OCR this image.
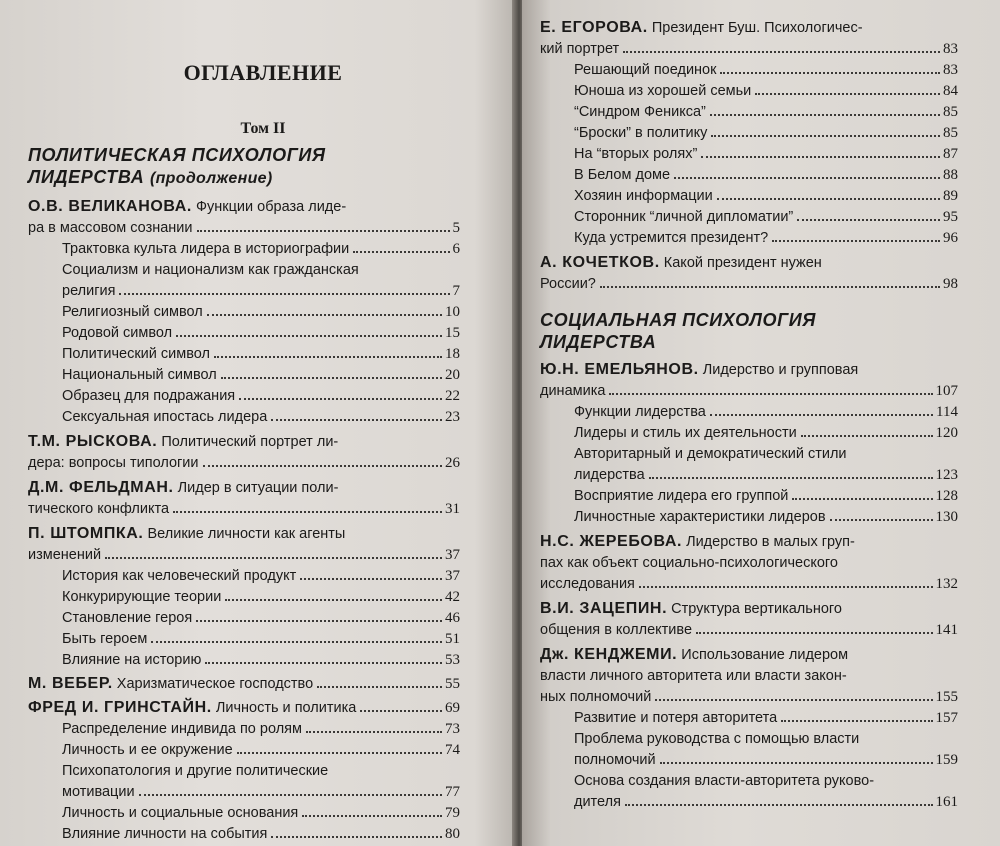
ОГЛАВЛЕНИЕ
Том II
ПОЛИТИЧЕСКАЯ ПСИХОЛОГИЯ
ЛИДЕРСТВА (продолжение)
О.В. ВЕЛИКАНОВА. Функции образа лиде-
ра в массовом сознании	5
Трактовка культа лидера в историографии	6
Социализм и национализм как гражданская
религия	7
Религиозный символ	10
Родовой символ	15
Политический символ	18
Национальный символ	20
Образец для подражания	22
Сексуальная ипостась лидера	23
Т.М. РЫСКОВА. Политический портрет ли-
дера: вопросы типологии	26
Д.М. ФЕЛЬДМАН. Лидер в ситуации поли-
тического конфликта	31
П. ШТОМПКА. Великие личности как агенты
изменений	37
История как человеческий продукт	37
Конкурирующие теории	42
Становление героя	46
Быть героем	51
Влияние на историю	53
М. ВЕБЕР. Харизматическое господство	55
ФРЕД И. ГРИНСТАЙН. Личность и политика	69
Распределение индивида по ролям	73
Личность и ее окружение	74
Психопатология и другие политические
мотивации	77
Личность и социальные основания	79
Влияние личности на события	80
Е. ЕГОРОВА. Президент Буш. Психологичес-
кий портрет	83
Решающий поединок	83
Юноша из хорошей семьи	84
“Синдром Феникса”	85
“Броски” в политику	85
На “вторых ролях”	87
В Белом доме	88
Хозяин информации	89
Сторонник “личной дипломатии”	95
Куда устремится президент?	96
А. КОЧЕТКОВ. Какой президент нужен
России?	98
СОЦИАЛЬНАЯ ПСИХОЛОГИЯ
ЛИДЕРСТВА
Ю.Н. ЕМЕЛЬЯНОВ. Лидерство и групповая
динамика	107
Функции лидерства	114
Лидеры и стиль их деятельности	120
Авторитарный и демократический стили
лидерства	123
Восприятие лидера его группой	128
Личностные характеристики лидеров	130
Н.С. ЖЕРЕБОВА. Лидерство в малых груп-
пах как объект социально-психологического
исследования	132
В.И. ЗАЦЕПИН. Структура вертикального
общения в коллективе	141
Дж. КЕНДЖЕМИ. Использование лидером
власти личного авторитета или власти закон-
ных полномочий	155
Развитие и потеря авторитета	157
Проблема руководства с помощью власти
полномочий	159
Основа создания власти-авторитета руково-
дителя	161
